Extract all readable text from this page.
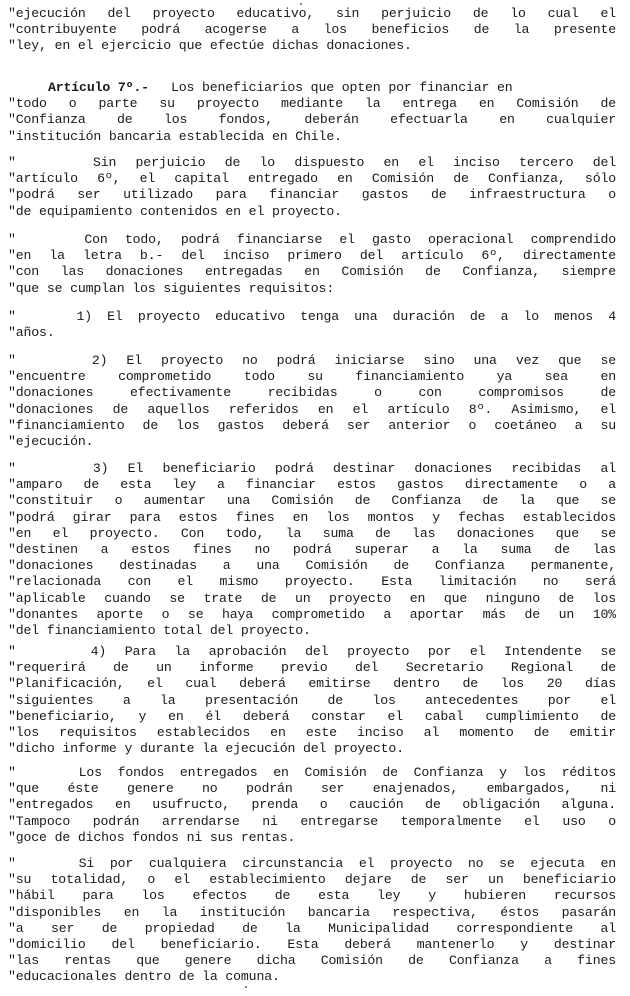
"ejecución del proyecto educativo, sin perjuicio de lo cual el
"contribuyente podrá acogerse a los beneficios de la presente
"ley, en el ejercicio que efectúe dichas donaciones.
Artículo 7º.- Los beneficiarios que opten por financiar en
"todo o parte su proyecto mediante la entrega en Comisión de
"Confianza de los fondos, deberán efectuarla en cualquier
"institución bancaria establecida en Chile.
"    Sin perjuicio de lo dispuesto en el inciso tercero del
"artículo 6º, el capital entregado en Comisión de Confianza, sólo
"podrá ser utilizado para financiar gastos de infraestructura o
"de equipamiento contenidos en el proyecto.
"    Con todo, podrá financiarse el gasto operacional comprendido
"en la letra b.- del inciso primero del artículo 6º, directamente
"con las donaciones entregadas en Comisión de Confianza, siempre
"que se cumplan los siguientes requisitos:
"    1) El proyecto educativo tenga una duración de a lo menos 4
"años.
"    2) El proyecto no podrá iniciarse sino una vez que se
"encuentre comprometido todo su financiamiento ya sea en
"donaciones efectivamente recibidas o con compromisos de
"donaciones de aquellos referidos en el artículo 8º. Asimismo, el
"financiamiento de los gastos deberá ser anterior o coetáneo a su
"ejecución.
"    3) El beneficiario podrá destinar donaciones recibidas al
"amparo de esta ley a financiar estos gastos directamente o a
"constituir o aumentar una Comisión de Confianza de la que se
"podrá girar para estos fines en los montos y fechas establecidos
"en el proyecto. Con todo, la suma de las donaciones que se
"destinen a estos fines no podrá superar a la suma de las
"donaciones destinadas a una Comisión de Confianza permanente,
"relacionada con el mismo proyecto. Esta limitación no será
"aplicable cuando se trate de un proyecto en que ninguno de los
"donantes aporte o se haya comprometido a aportar más de un 10%
"del financiamiento total del proyecto.
"    4) Para la aprobación del proyecto por el Intendente se
"requerirá de un informe previo del Secretario Regional de
"Planificación, el cual deberá emitirse dentro de los 20 días
"siguientes a la presentación de los antecedentes por el
"beneficiario, y en él deberá constar el cabal cumplimiento de
"los requisitos establecidos en este inciso al momento de emitir
"dicho informe y durante la ejecución del proyecto.
"    Los fondos entregados en Comisión de Confianza y los réditos
"que éste genere no podrán ser enajenados, embargados, ni
"entregados en usufructo, prenda o caución de obligación alguna.
"Tampoco podrán arrendarse ni entregarse temporalmente el uso o
"goce de dichos fondos ni sus rentas.
"    Si por cualquiera circunstancia el proyecto no se ejecuta en
"su totalidad, o el establecimiento dejare de ser un beneficiario
"hábil para los efectos de esta ley y hubieren recursos
"disponibles en la institución bancaria respectiva, éstos pasarán
"a ser de propiedad de la Municipalidad correspondiente al
"domicilio del beneficiario. Esta deberá mantenerlo y destinar
"las rentas que genere dicha Comisión de Confianza a fines
"educacionales dentro de la comuna.
